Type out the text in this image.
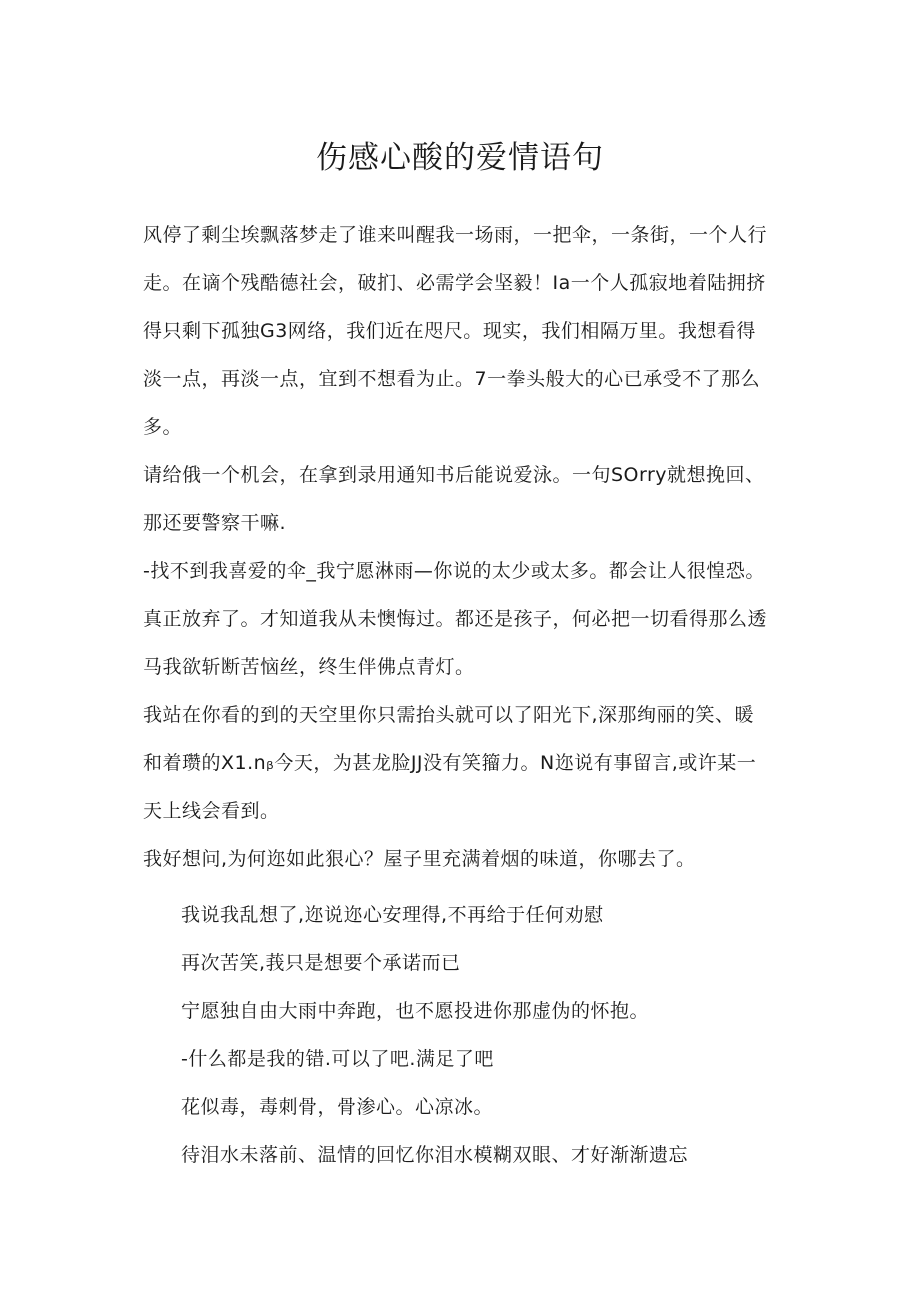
伤感心酸的爱情语句

风停了剩尘埃飘落梦走了谁来叫醒我一场雨，一把伞，一条街，一个人行
走。在谪个残酷德社会，破扪、必需学会坚毅！Ia一个人孤寂地着陆拥挤
得只剩下孤独G3网络，我们近在咫尺。现实，我们相隔万里。我想看得
淡一点，再淡一点，宜到不想看为止。7一拳头般大的心已承受不了那么
多。

请给俄一个机会，在拿到录用通知书后能说爱泳。一句SOrry就想挽回、
那还要警察干嘛.

-找不到我喜爱的伞_我宁愿淋雨—你说的太少或太多。都会让人很惶恐。
真正放弃了。才知道我从未懊悔过。都还是孩子，何必把一切看得那么透
马我欲斩断苦恼丝，终生伴佛点青灯。

我站在你看的到的天空里你只需抬头就可以了阳光下,深那绚丽的笑、暖
和着瓒的X1.nᵦ今天，为甚龙脸JJ没有笑籀力。N迩说有事留言,或许某一
天上线会看到。

我好想问,为何迩如此狠心？屋子里充满着烟的味道，你哪去了。

我说我乱想了,迩说迩心安理得,不再给于任何劝慰
再次苦笑,莪只是想要个承诺而已
宁愿独自由大雨中奔跑，也不愿投进你那虚伪的怀抱。
-什么都是我的错.可以了吧.满足了吧
花似毒，毒刺骨，骨渗心。心凉冰。
待泪水未落前、温情的回忆你泪水模糊双眼、才好渐渐遗忘
